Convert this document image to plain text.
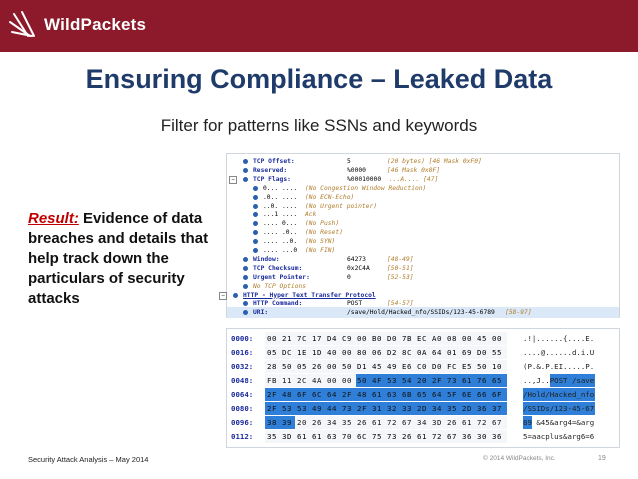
WildPackets
Ensuring Compliance – Leaked Data
Filter for patterns like SSNs and keywords
Result: Evidence of data breaches and details that help track down the particulars of security attacks
TCP Offset:	5	(20 bytes) [46 Mask 0xF0]
Reserved:	%0000	[46 Mask 0x0F]
−	TCP Flags:	%00010000 ...A.... [47]
0... .... (No Congestion Window Reduction)
.0.. .... (No ECN-Echo)
..0. .... (No Urgent pointer)
...1 .... Ack
.... 0... (No Push)
.... .0.. (No Reset)
.... ..0. (No SYN)
.... ...0 (No FIN)
Window:	64273	[48-49]
TCP Checksum:	0x2C4A	[50-51]
Urgent Pointer:	0	[52-53]
No TCP Options
−	HTTP - Hyper Text Transfer Protocol
HTTP Command:	POST	[54-57]
URI:	/save/Hold/Hacked_nfo/SSIDs/123-45-6789 [58-97]
0000: 00 21 7C 17 D4 C9 00 B0 D0 7B EC A0 08 00 45 00	.!|......{....E.
0016: 05 DC 1E 1D 40 00 80 06 D2 8C 0A 64 01 69 D0 55	....@......d.i.U
0032: 28 50 05 26 00 50 D1 45 49 E6 C0 D0 FC E5 50 10	(P.&.P.EI.....P.
0048: FB 11 2C 4A 00 00 50 4F 53 54 20 2F 73 61 76 65	..,J..POST /save
0064: 2F 48 6F 6C 64 2F 48 61 63 6B 65 64 5F 6E 66 6F	/Hold/Hacked_nfo
0080: 2F 53 53 49 44 73 2F 31 32 33 2D 34 35 2D 36 37	/SSIDs/123-45-67
0096: 38 39 20 26 34 35 26 61 72 67 34 3D 26 61 72 67	89 &45&arg4=&arg
0112: 35 3D 61 61 63 70 6C 75 73 26 61 72 67 36 30 36	5=aacplus&arg6=6
Security Attack Analysis – May 2014	© 2014 WildPackets, Inc.	19
